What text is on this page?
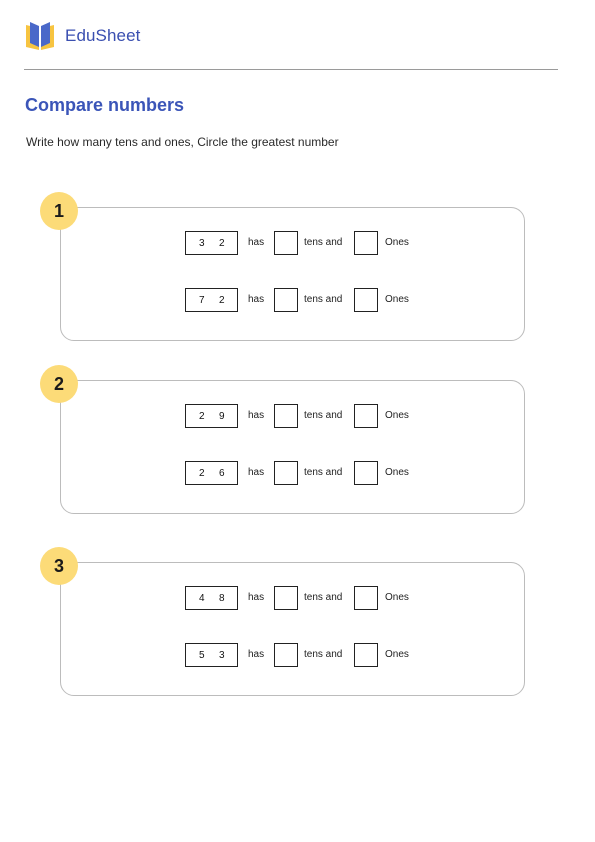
EduSheet
Compare numbers

Write how many tens and ones, Circle the greatest number

1
3 2 has	tens and	Ones
7 2 has	tens and	Ones
2
2 9 has	tens and	Ones
2 6 has	tens and	Ones
3
4 8 has	tens and	Ones
5 3 has	tens and	Ones
